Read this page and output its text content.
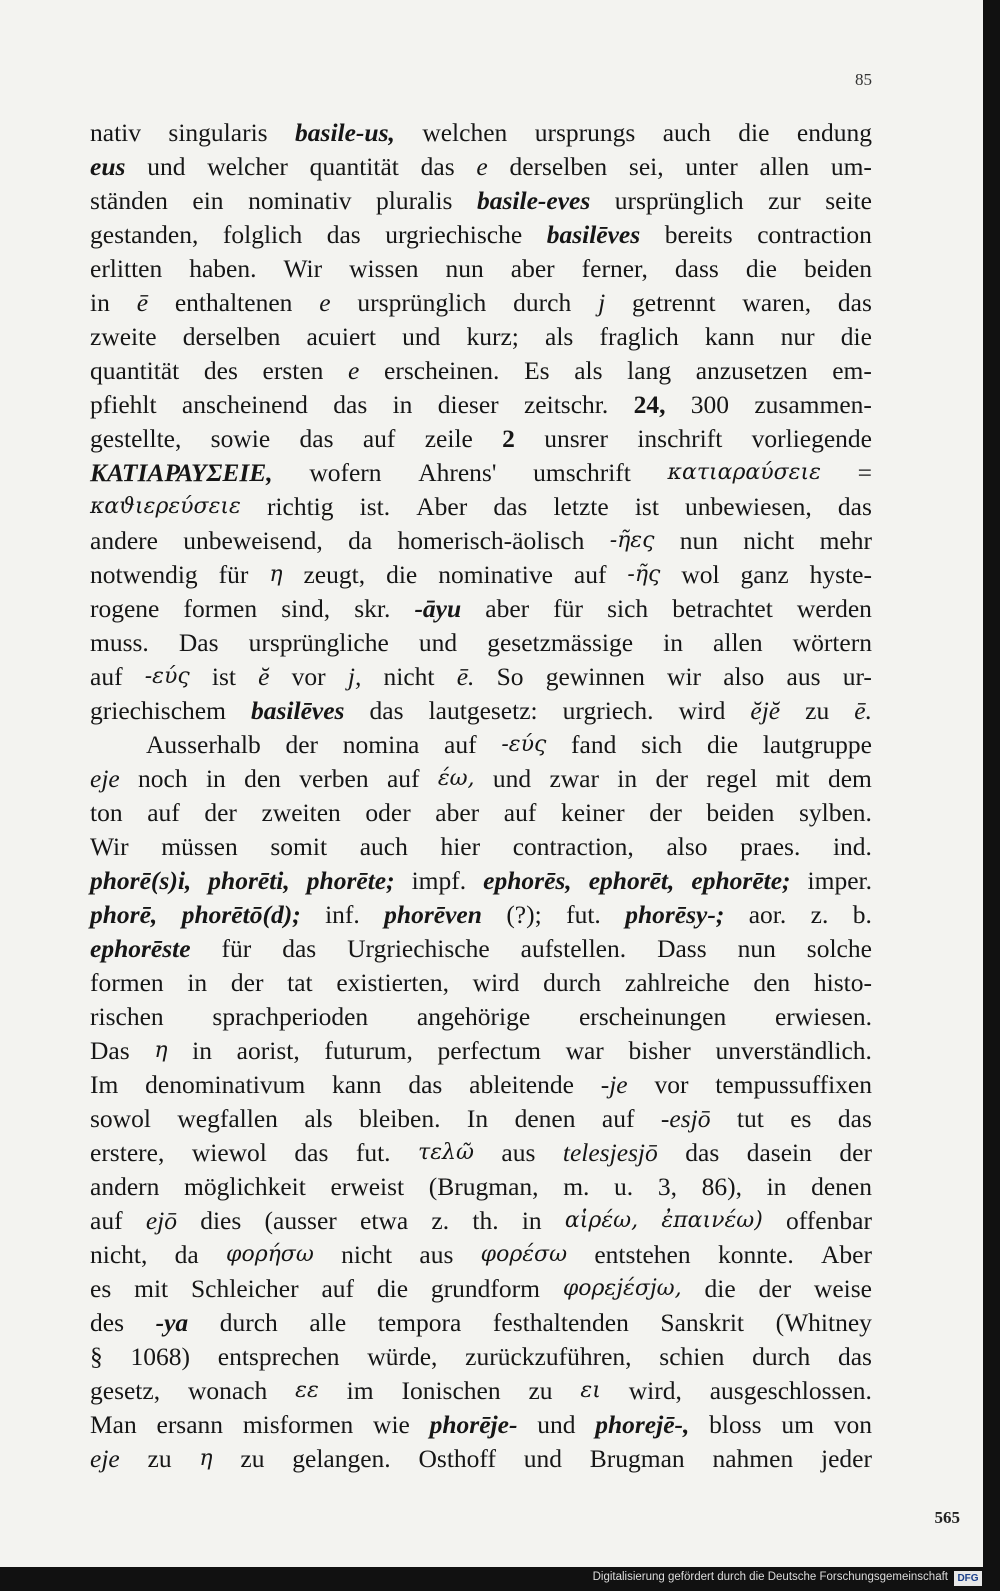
85
nativ singularis basile-us, welchen ursprungs auch die endung
eus und welcher quantität das e derselben sei, unter allen um-
ständen ein nominativ pluralis basile-eves ursprünglich zur seite
gestanden, folglich das urgriechische basilēves bereits contraction
erlitten haben. Wir wissen nun aber ferner, dass die beiden
in ē enthaltenen e ursprünglich durch j getrennt waren, das
zweite derselben acuiert und kurz; als fraglich kann nur die
quantität des ersten e erscheinen. Es als lang anzusetzen em-
pfiehlt anscheinend das in dieser zeitschr. 24, 300 zusammen-
gestellte, sowie das auf zeile 2 unsrer inschrift vorliegende
ΚΑΤΙΑΡΑΥΣΕΙΕ, wofern Ahrens' umschrift κατιαραύσειε =
καϑιερεύσειε richtig ist. Aber das letzte ist unbewiesen, das
andere unbeweisend, da homerisch-äolisch -ῆες nun nicht mehr
notwendig für η zeugt, die nominative auf -ῆς wol ganz hyste-
rogene formen sind, skr. -āyu aber für sich betrachtet werden
muss. Das ursprüngliche und gesetzmässige in allen wörtern
auf -εύς ist ĕ vor j, nicht ē. So gewinnen wir also aus ur-
griechischem basilēves das lautgesetz: urgriech. wird ĕjĕ zu ē.
Ausserhalb der nomina auf -εύς fand sich die lautgruppe
eje noch in den verben auf έω, und zwar in der regel mit dem
ton auf der zweiten oder aber auf keiner der beiden sylben.
Wir müssen somit auch hier contraction, also praes. ind.
phorē(s)i, phorēti, phorēte; impf. ephorēs, ephorēt, ephorēte; imper.
phorē, phorētō(d); inf. phorēven (?); fut. phorēsy-; aor. z. b.
ephorēste für das Urgriechische aufstellen. Dass nun solche
formen in der tat existierten, wird durch zahlreiche den histo-
rischen sprachperioden angehörige erscheinungen erwiesen.
Das η in aorist, futurum, perfectum war bisher unverständlich.
Im denominativum kann das ableitende -je vor tempussuffixen
sowol wegfallen als bleiben. In denen auf -esjō tut es das
erstere, wiewol das fut. τελῶ aus telesjesjō das dasein der
andern möglichkeit erweist (Brugman, m. u. 3, 86), in denen
auf ejō dies (ausser etwa z. th. in αἱρέω, ἐπαινέω) offenbar
nicht, da φορήσω nicht aus φορέσω entstehen konnte. Aber
es mit Schleicher auf die grundform φορεjέσjω, die der weise
des -ya durch alle tempora festhaltenden Sanskrit (Whitney
§ 1068) entsprechen würde, zurückzuführen, schien durch das
gesetz, wonach εε im Ionischen zu ει wird, ausgeschlossen.
Man ersann misformen wie phorēje- und phorejē-, bloss um von
eje zu η zu gelangen. Osthoff und Brugman nahmen jeder
565
Digitalisierung gefördert durch die Deutsche Forschungsgemeinschaft DFG
